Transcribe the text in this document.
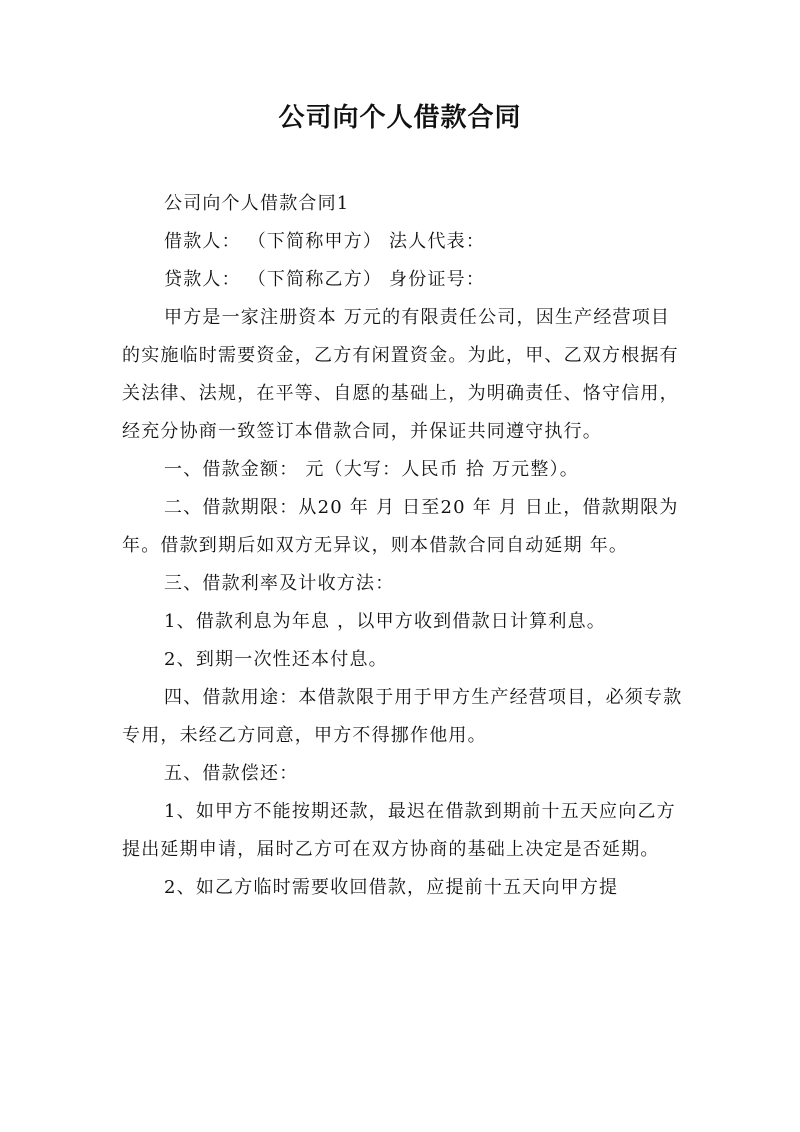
公司向个人借款合同

公司向个人借款合同1

借款人： （下简称甲方） 法人代表：

贷款人： （下简称乙方） 身份证号：

甲方是一家注册资本 万元的有限责任公司，因生产经营项目的实施临时需要资金，乙方有闲置资金。为此，甲、乙双方根据有关法律、法规，在平等、自愿的基础上，为明确责任、恪守信用，经充分协商一致签订本借款合同，并保证共同遵守执行。

一、借款金额： 元（大写：人民币 拾 万元整）。

二、借款期限：从20 年 月 日至20 年 月 日止，借款期限为 年。借款到期后如双方无异议，则本借款合同自动延期 年。

三、借款利率及计收方法：

1、借款利息为年息 ，以甲方收到借款日计算利息。

2、到期一次性还本付息。

四、借款用途：本借款限于用于甲方生产经营项目，必须专款专用，未经乙方同意，甲方不得挪作他用。

五、借款偿还：

1、如甲方不能按期还款，最迟在借款到期前十五天应向乙方提出延期申请，届时乙方可在双方协商的基础上决定是否延期。

2、如乙方临时需要收回借款，应提前十五天向甲方提
